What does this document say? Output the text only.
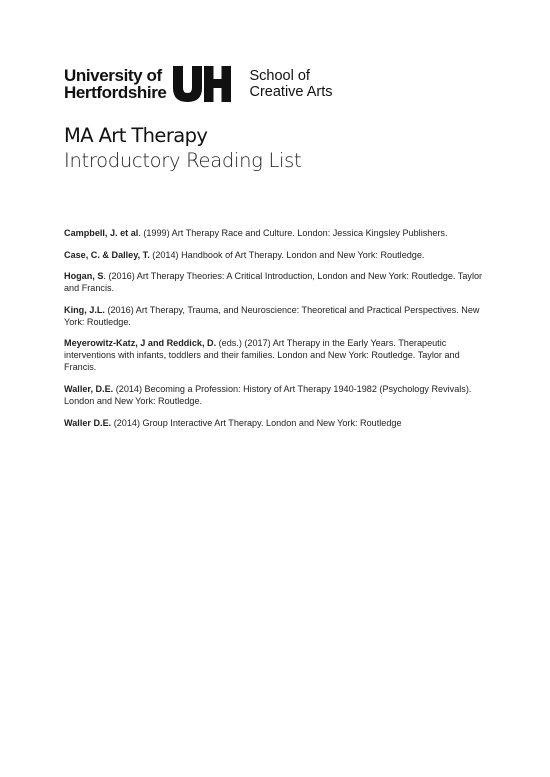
University of
Hertfordshire
School of
Creative Arts
MA Art Therapy
Introductory Reading List

Campbell, J. et al. (1999) Art Therapy Race and Culture. London: Jessica Kingsley Publishers.

Case, C. & Dalley, T. (2014) Handbook of Art Therapy. London and New York: Routledge.

Hogan, S. (2016) Art Therapy Theories: A Critical Introduction, London and New York: Routledge. Taylor and Francis.

King, J.L. (2016) Art Therapy, Trauma, and Neuroscience: Theoretical and Practical Perspectives. New York: Routledge.

Meyerowitz-Katz, J and Reddick, D. (eds.) (2017) Art Therapy in the Early Years. Therapeutic interventions with infants, toddlers and their families. London and New York: Routledge. Taylor and Francis.

Waller, D.E. (2014) Becoming a Profession: History of Art Therapy 1940-1982 (Psychology Revivals). London and New York: Routledge.

Waller D.E. (2014) Group Interactive Art Therapy. London and New York: Routledge
